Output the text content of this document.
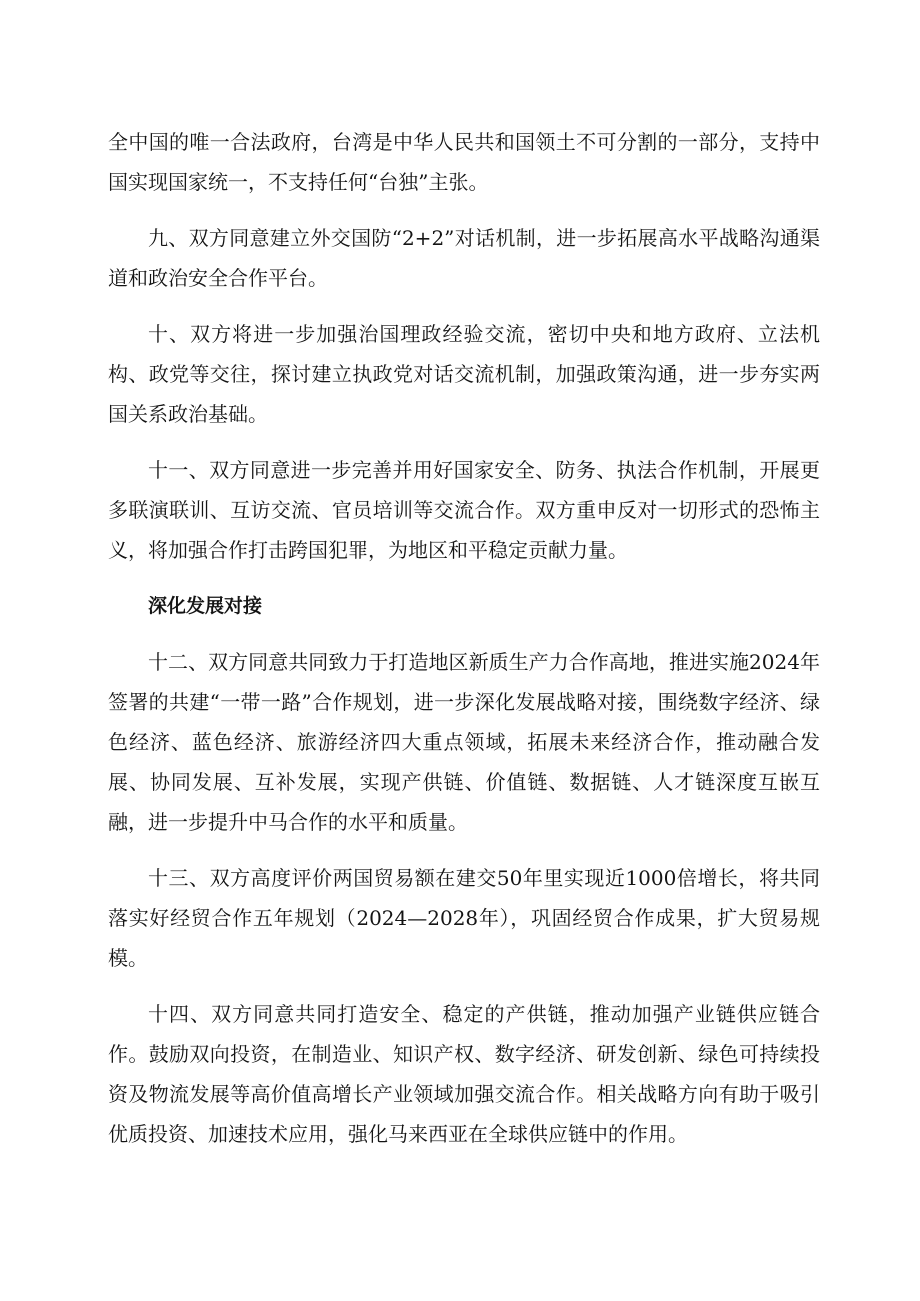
全中国的唯一合法政府，台湾是中华人民共和国领土不可分割的一部分，支持中国实现国家统一，不支持任何“台独”主张。

九、双方同意建立外交国防“2+2”对话机制，进一步拓展高水平战略沟通渠道和政治安全合作平台。

十、双方将进一步加强治国理政经验交流，密切中央和地方政府、立法机构、政党等交往，探讨建立执政党对话交流机制，加强政策沟通，进一步夯实两国关系政治基础。

十一、双方同意进一步完善并用好国家安全、防务、执法合作机制，开展更多联演联训、互访交流、官员培训等交流合作。双方重申反对一切形式的恐怖主义，将加强合作打击跨国犯罪，为地区和平稳定贡献力量。

深化发展对接

十二、双方同意共同致力于打造地区新质生产力合作高地，推进实施2024年签署的共建“一带一路”合作规划，进一步深化发展战略对接，围绕数字经济、绿色经济、蓝色经济、旅游经济四大重点领域，拓展未来经济合作，推动融合发展、协同发展、互补发展，实现产供链、价值链、数据链、人才链深度互嵌互融，进一步提升中马合作的水平和质量。

十三、双方高度评价两国贸易额在建交50年里实现近1000倍增长，将共同落实好经贸合作五年规划（2024—2028年），巩固经贸合作成果，扩大贸易规模。

十四、双方同意共同打造安全、稳定的产供链，推动加强产业链供应链合作。鼓励双向投资，在制造业、知识产权、数字经济、研发创新、绿色可持续投资及物流发展等高价值高增长产业领域加强交流合作。相关战略方向有助于吸引优质投资、加速技术应用，强化马来西亚在全球供应链中的作用。
